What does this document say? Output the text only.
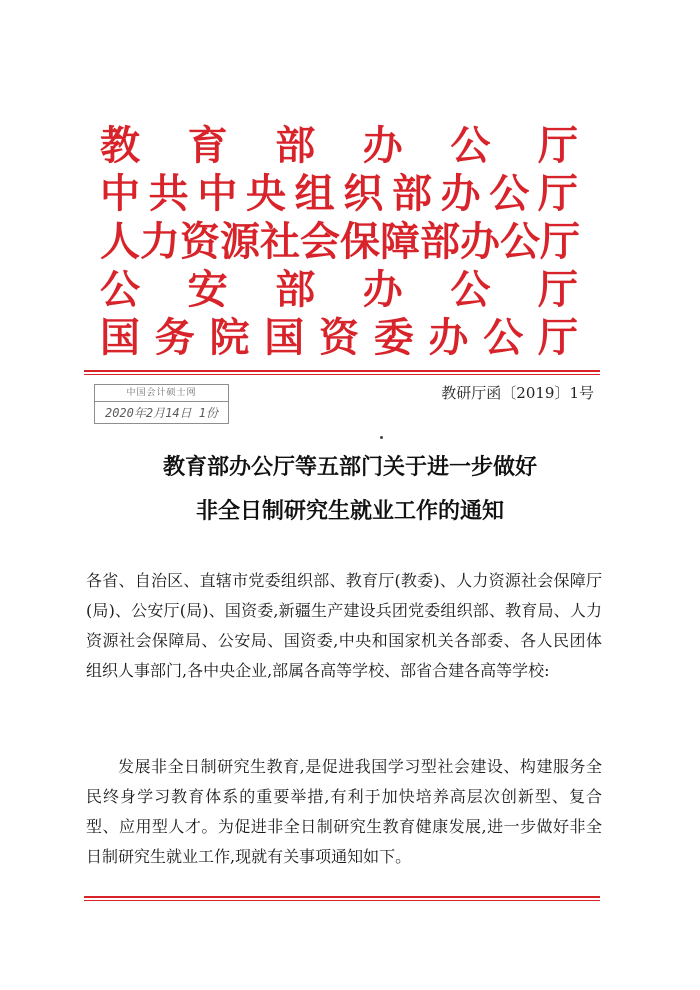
教 育 部 办 公 厅
中 共 中 央 组 织 部 办 公 厅
人 力 资 源 社 会 保 障 部 办 公 厅
公 安 部 办 公 厅
国 务 院 国 资 委 办 公 厅
中国会计硕士网
2020年2月14日 1份
教研厅函〔2019〕1号
教育部办公厅等五部门关于进一步做好
非全日制研究生就业工作的通知

各省、自治区、直辖市党委组织部、教育厅(教委)、人力资源社会保障厅(局)、公安厅(局)、国资委,新疆生产建设兵团党委组织部、教育局、人力资源社会保障局、公安局、国资委,中央和国家机关各部委、各人民团体组织人事部门,各中央企业,部属各高等学校、部省合建各高等学校:

发展非全日制研究生教育,是促进我国学习型社会建设、构建服务全民终身学习教育体系的重要举措,有利于加快培养高层次创新型、复合型、应用型人才。为促进非全日制研究生教育健康发展,进一步做好非全日制研究生就业工作,现就有关事项通知如下。
